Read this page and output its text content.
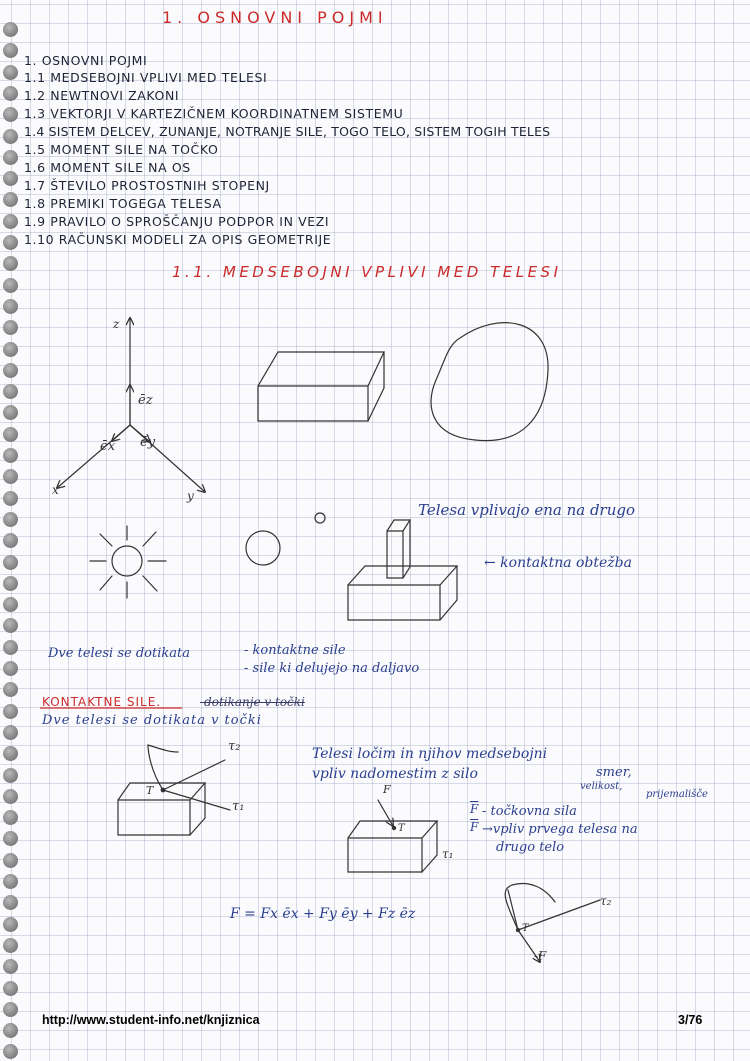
1. OSNOVNI POJMI
1. OSNOVNI POJMI
1.1 MEDSEBOJNI VPLIVI MED TELESI
1.2 NEWTNOVI ZAKONI
1.3 VEKTORJI V KARTEZIČNEM KOORDINATNEM SISTEMU
1.4 SISTEM DELCEV, ZUNANJE, NOTRANJE SILE, TOGO TELO, SISTEM TOGIH TELES
1.5 MOMENT SILE NA TOČKO
1.6 MOMENT SILE NA OS
1.7 ŠTEVILO PROSTOSTNIH STOPENJ
1.8 PREMIKI TOGEGA TELESA
1.9 PRAVILO O SPROŠČANJU PODPOR IN VEZI
1.10 RAČUNSKI MODELI ZA OPIS GEOMETRIJE
1.1. MEDSEBOJNI VPLIVI MED TELESI
z
ēz
ēx ēy
x	y
Telesa vplivajo ena na drugo
← kontaktna obtežba
Dve telesi se dotikata	- kontaktne sile
- sile ki delujejo na daljavo
KONTAKTNE SILE.	-dotikanje v točki
Dve telesi se dotikata v točki
Telesi ločim in njihov medsebojni
vpliv nadomestim z silo	smer,
velikost,
prijemališče
- točkovna sila
→vpliv prvega telesa na
drugo telo
$\overline{F}$
$\overline{F}$
F = Fx ēx + Fy ēy + Fz ēz
τ₂
T
τ₁
F
T
τ₁
τ₂
T
-F
http://www.student-info.net/knjiznica	3/76
